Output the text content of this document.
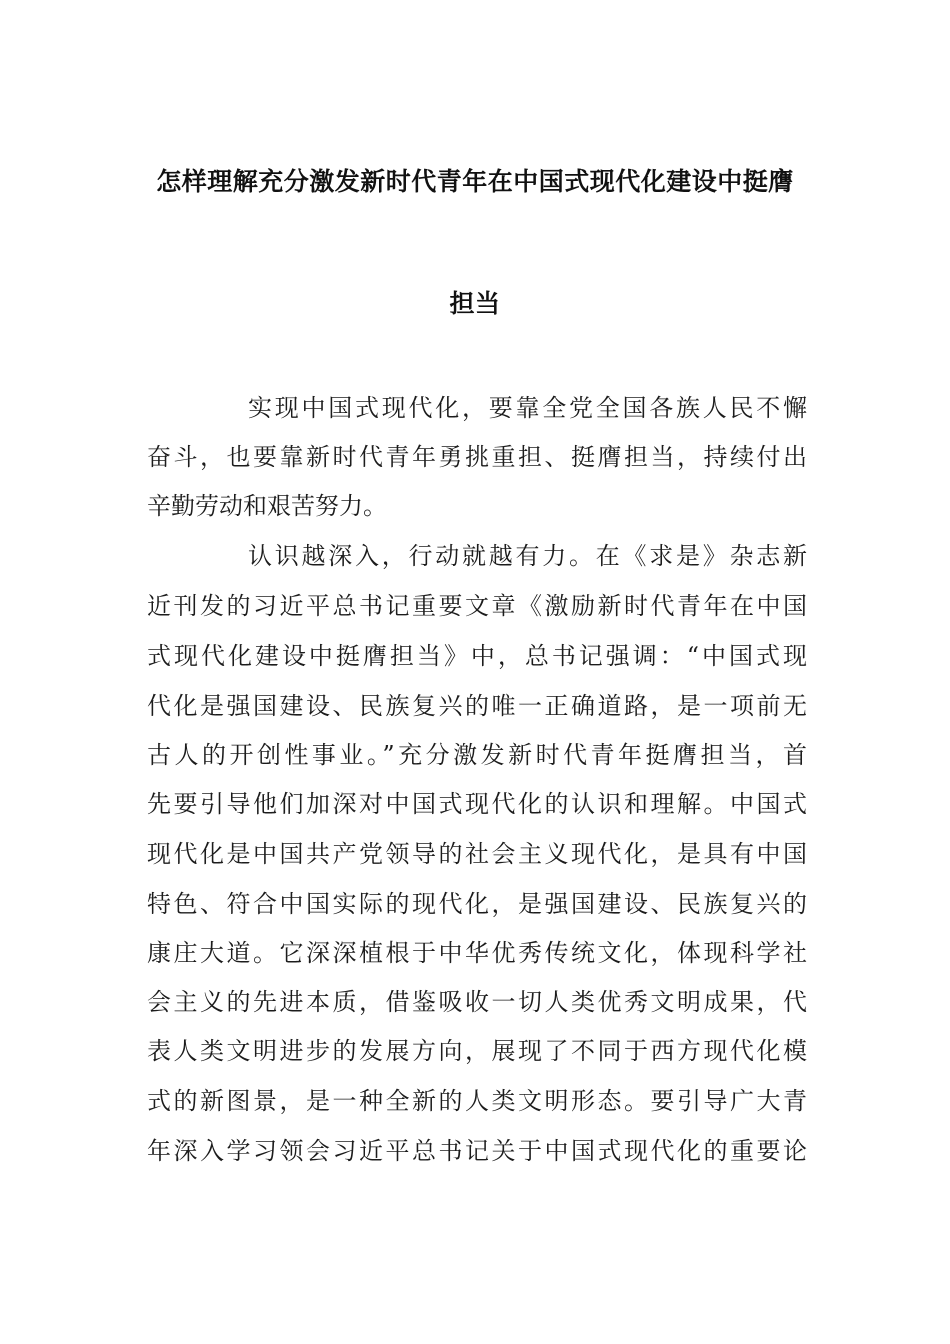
怎样理解充分激发新时代青年在中国式现代化建设中挺膺
担当
实现中国式现代化，要靠全党全国各族人民不懈
奋斗，也要靠新时代青年勇挑重担、挺膺担当，持续付出
辛勤劳动和艰苦努力。
认识越深入，行动就越有力。在《求是》杂志新
近刊发的习近平总书记重要文章《激励新时代青年在中国
式现代化建设中挺膺担当》中，总书记强调：“中国式现
代化是强国建设、民族复兴的唯一正确道路，是一项前无
古人的开创性事业。”充分激发新时代青年挺膺担当，首
先要引导他们加深对中国式现代化的认识和理解。中国式
现代化是中国共产党领导的社会主义现代化，是具有中国
特色、符合中国实际的现代化，是强国建设、民族复兴的
康庄大道。它深深植根于中华优秀传统文化，体现科学社
会主义的先进本质，借鉴吸收一切人类优秀文明成果，代
表人类文明进步的发展方向，展现了不同于西方现代化模
式的新图景，是一种全新的人类文明形态。要引导广大青
年深入学习领会习近平总书记关于中国式现代化的重要论
